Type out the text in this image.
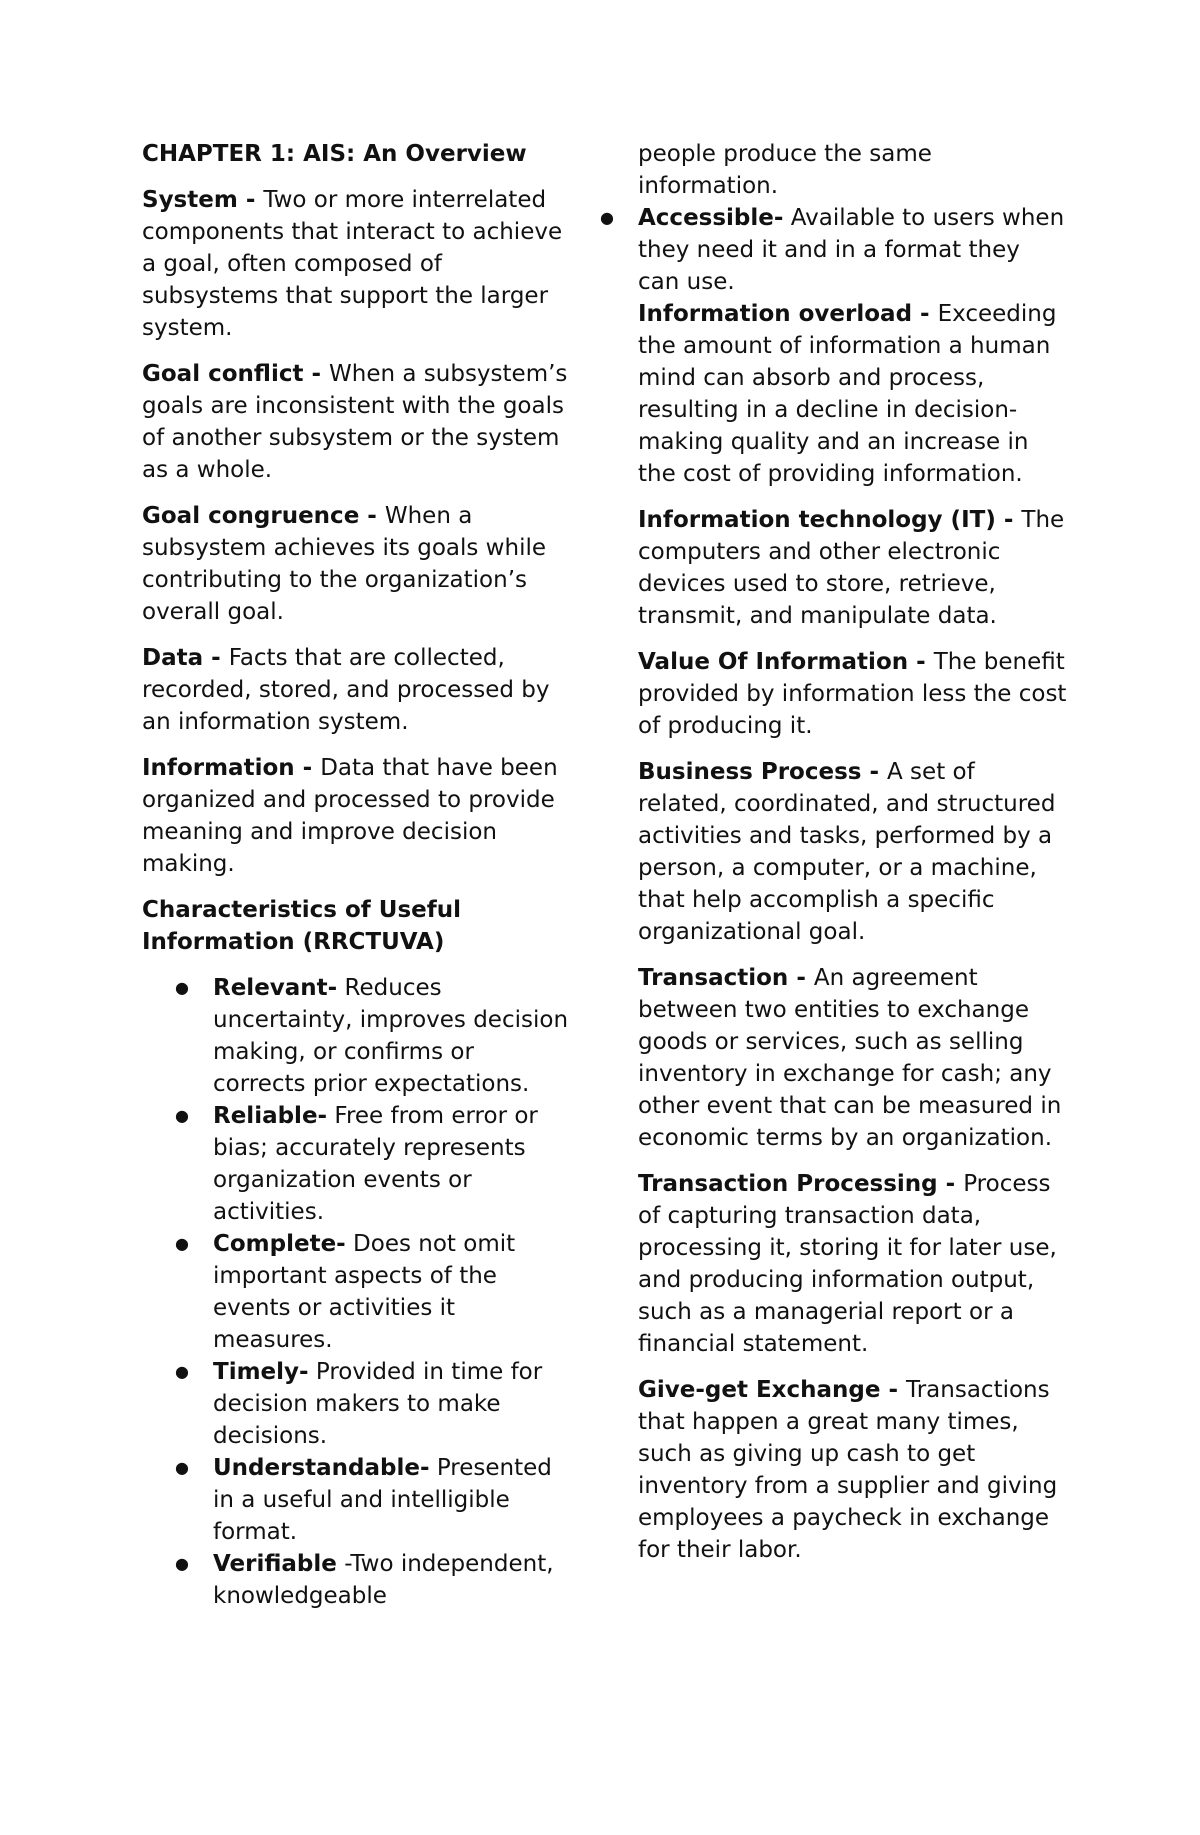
CHAPTER 1: AIS: An Overview
System - Two or more interrelated components that interact to achieve a goal, often composed of subsystems that support the larger system.
Goal conflict - When a subsystem’s goals are inconsistent with the goals of another subsystem or the system as a whole.
Goal congruence - When a subsystem achieves its goals while contributing to the organization’s overall goal.
Data - Facts that are collected, recorded, stored, and processed by an information system.
Information - Data that have been organized and processed to provide meaning and improve decision making.
Characteristics of Useful Information (RRCTUVA)
● Relevant- Reduces uncertainty, improves decision making, or confirms or corrects prior expectations.
● Reliable- Free from error or bias; accurately represents organization events or activities.
● Complete- Does not omit important aspects of the events or activities it measures.
● Timely- Provided in time for decision makers to make decisions.
● Understandable- Presented in a useful and intelligible format.
● Verifiable -Two independent, knowledgeable
people produce the same information.
● Accessible- Available to users when they need it and in a format they can use.
Information overload - Exceeding the amount of information a human mind can absorb and process, resulting in a decline in decision-making quality and an increase in the cost of providing information.
Information technology (IT) - The computers and other electronic devices used to store, retrieve, transmit, and manipulate data.
Value Of Information - The benefit provided by information less the cost of producing it.
Business Process - A set of related, coordinated, and structured activities and tasks, performed by a person, a computer, or a machine, that help accomplish a specific organizational goal.
Transaction - An agreement between two entities to exchange goods or services, such as selling inventory in exchange for cash; any other event that can be measured in economic terms by an organization.
Transaction Processing - Process of capturing transaction data, processing it, storing it for later use, and producing information output, such as a managerial report or a financial statement.
Give-get Exchange - Transactions that happen a great many times, such as giving up cash to get inventory from a supplier and giving employees a paycheck in exchange for their labor.
